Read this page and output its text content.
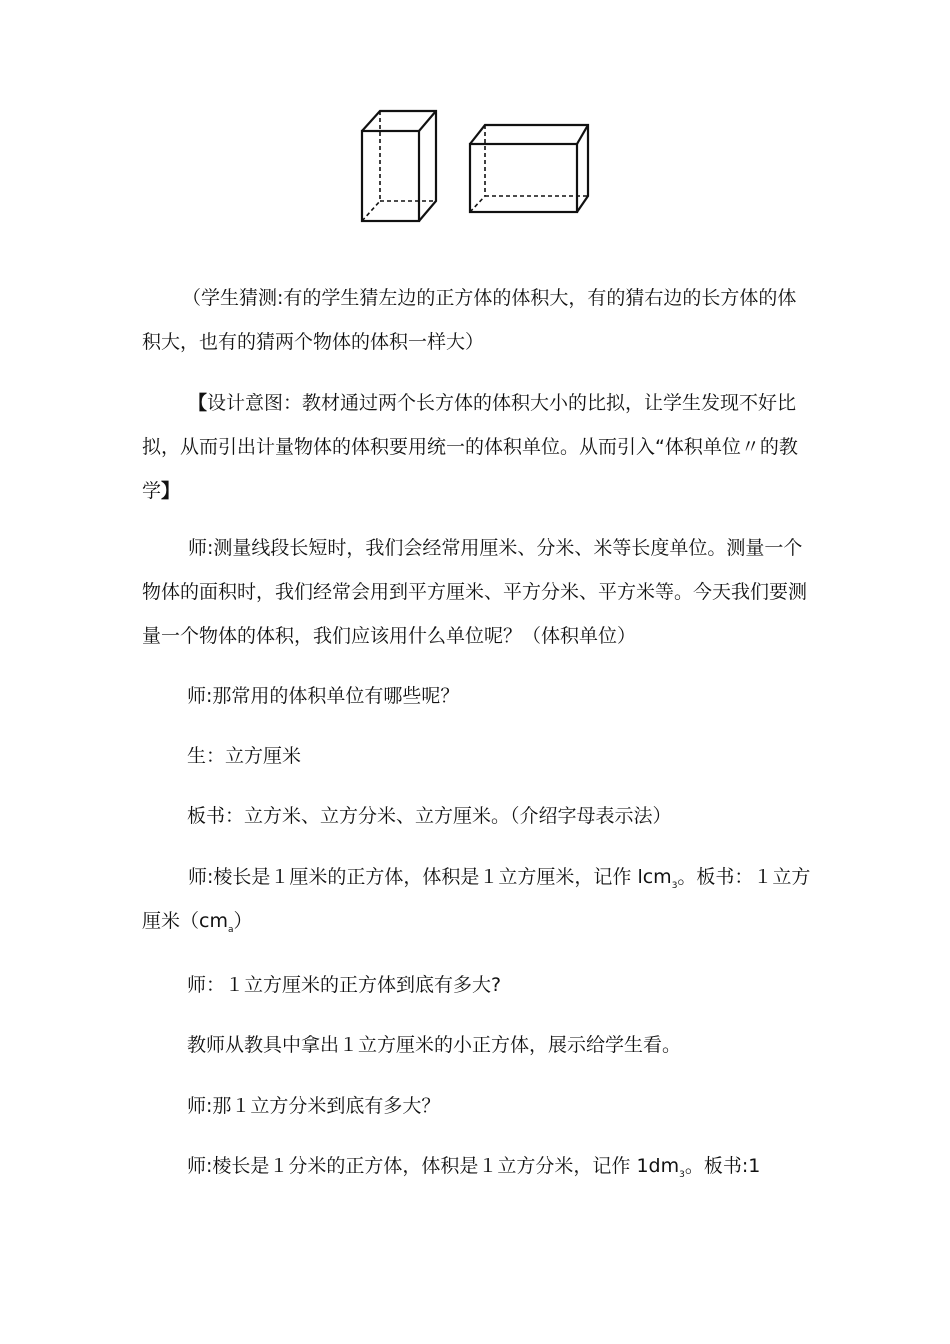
（学生猜测:有的学生猜左边的正方体的体积大，有的猜右边的长方体的体积大，也有的猜两个物体的体积一样大）

【设计意图：教材通过两个长方体的体积大小的比拟，让学生发现不好比拟，从而引出计量物体的体积要用统一的体积单位。从而引入“体积单位〃的教学】

师:测量线段长短时，我们会经常用厘米、分米、米等长度单位。测量一个物体的面积时，我们经常会用到平方厘米、平方分米、平方米等。今天我们要测量一个物体的体积，我们应该用什么单位呢？（体积单位）

师:那常用的体积单位有哪些呢？

生：立方厘米

板书：立方米、立方分米、立方厘米。（介绍字母表示法）

师:棱长是１厘米的正方体，体积是１立方厘米，记作 lcm$_3$。板书：１立方厘米$(cm_a)$

师：１立方厘米的正方体到底有多大?

教师从教具中拿出１立方厘米的小正方体，展示给学生看。

师:那１立方分米到底有多大？

师:棱长是１分米的正方体，体积是１立方分米，记作 $1dm_3$。板书:1
